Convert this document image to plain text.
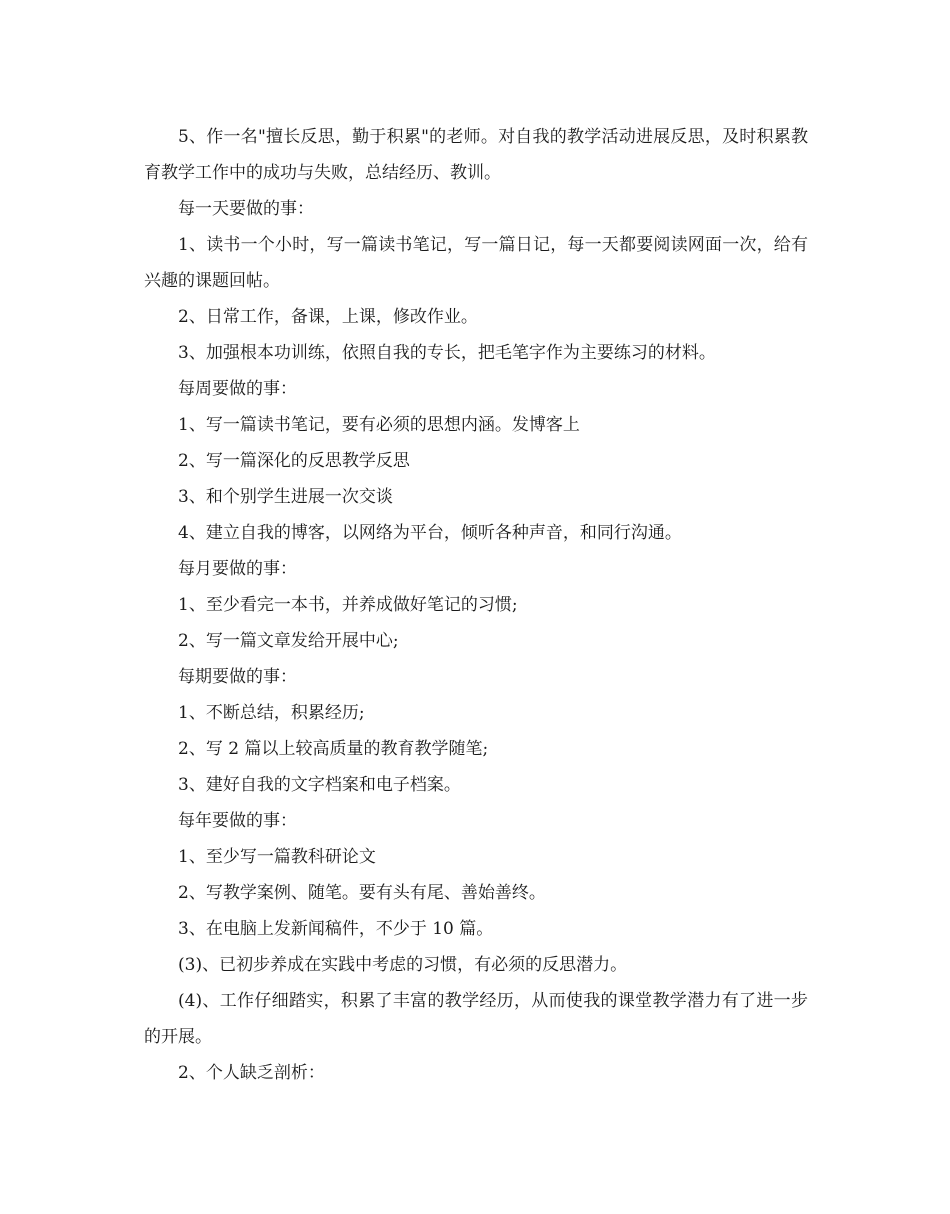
5、作一名"擅长反思，勤于积累"的老师。对自我的教学活动进展反思，及时积累教育教学工作中的成功与失败，总结经历、教训。

每一天要做的事：

1、读书一个小时，写一篇读书笔记，写一篇日记，每一天都要阅读网面一次，给有兴趣的课题回帖。

2、日常工作，备课，上课，修改作业。

3、加强根本功训练，依照自我的专长，把毛笔字作为主要练习的材料。

每周要做的事：

1、写一篇读书笔记，要有必须的思想内涵。发博客上

2、写一篇深化的反思教学反思

3、和个别学生进展一次交谈

4、建立自我的博客，以网络为平台，倾听各种声音，和同行沟通。

每月要做的事：

1、至少看完一本书，并养成做好笔记的习惯;

2、写一篇文章发给开展中心;

每期要做的事：

1、不断总结，积累经历;

2、写 2 篇以上较高质量的教育教学随笔;

3、建好自我的文字档案和电子档案。

每年要做的事：

1、至少写一篇教科研论文

2、写教学案例、随笔。要有头有尾、善始善终。

3、在电脑上发新闻稿件，不少于 10 篇。

(3)、已初步养成在实践中考虑的习惯，有必须的反思潜力。

(4)、工作仔细踏实，积累了丰富的教学经历，从而使我的课堂教学潜力有了进一步的开展。

2、个人缺乏剖析：
